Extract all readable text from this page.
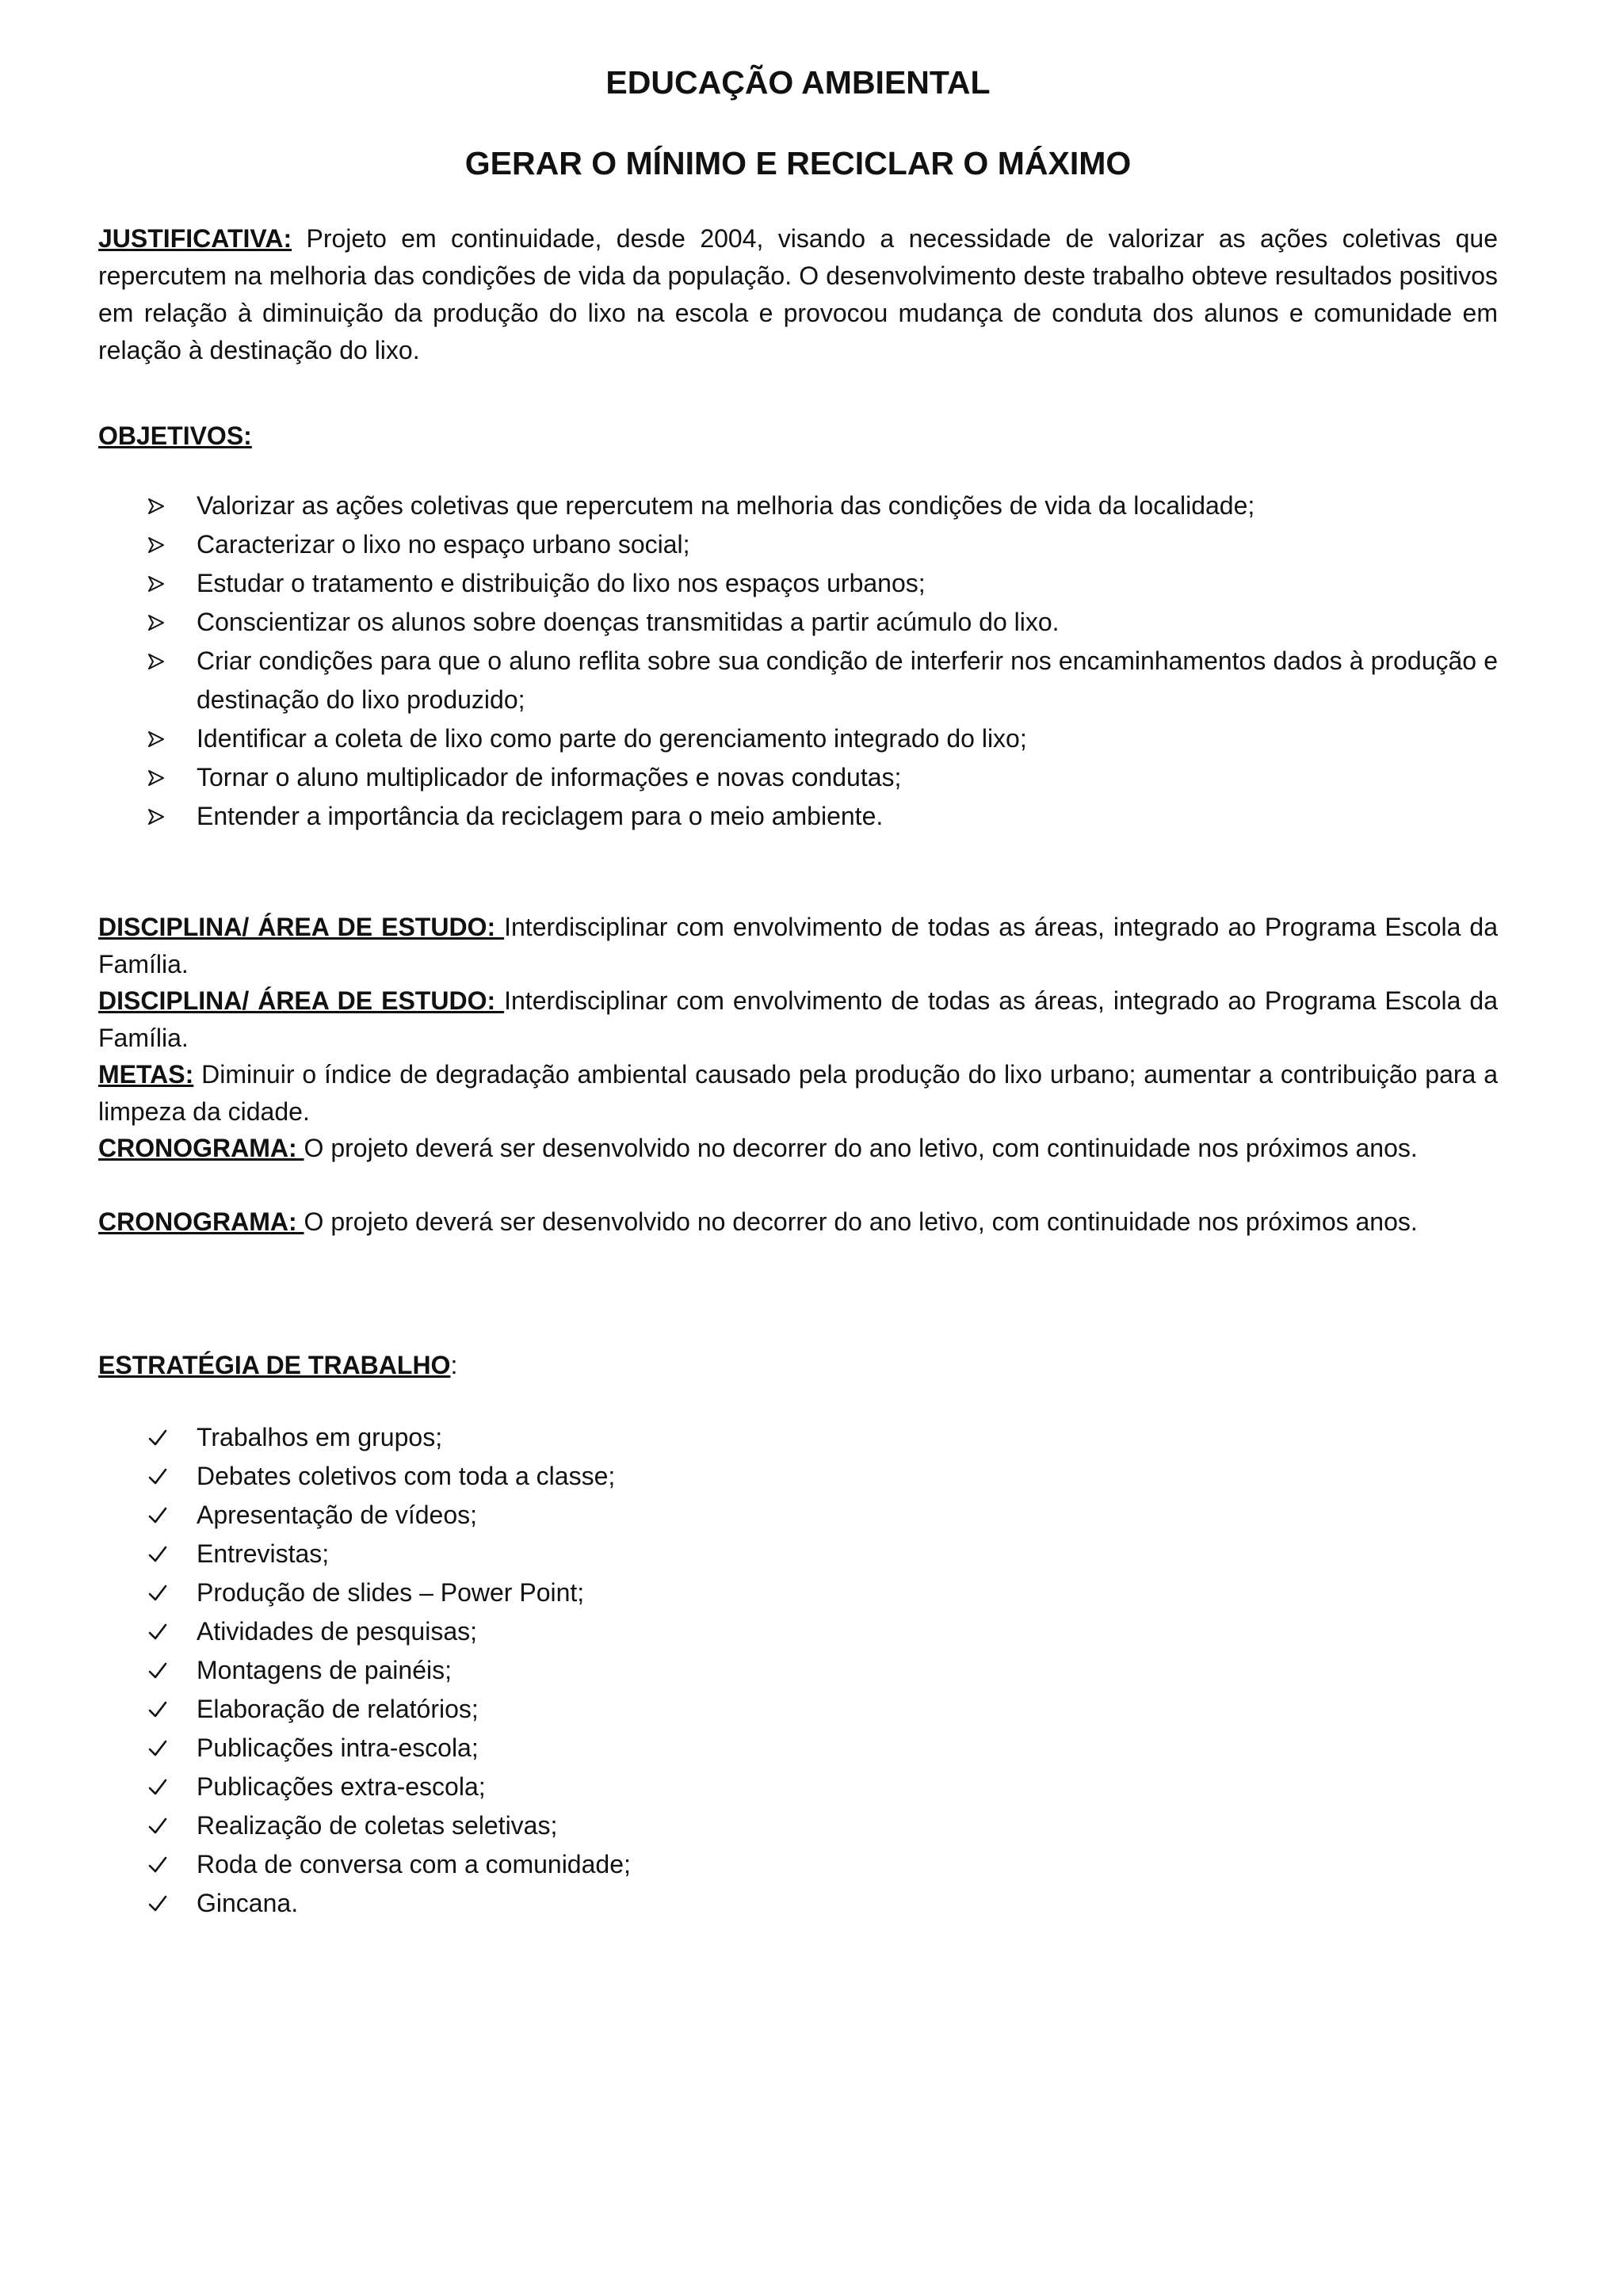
EDUCAÇÃO AMBIENTAL
GERAR O MÍNIMO E RECICLAR O MÁXIMO

JUSTIFICATIVA: Projeto em continuidade, desde 2004, visando a necessidade de valorizar as ações coletivas que repercutem na melhoria das condições de vida da população. O desenvolvimento deste trabalho obteve resultados positivos em relação à diminuição da produção do lixo na escola e provocou mudança de conduta dos alunos e comunidade em relação à destinação do lixo.

OBJETIVOS:

Valorizar as ações coletivas que repercutem na melhoria das condições de vida da localidade;
Caracterizar o lixo no espaço urbano social;
Estudar o tratamento e distribuição do lixo nos espaços urbanos;
Conscientizar os alunos sobre doenças transmitidas a partir acúmulo do lixo.
Criar condições para que o aluno reflita sobre sua condição de interferir nos encaminhamentos dados à produção e destinação do lixo produzido;
Identificar a coleta de lixo como parte do gerenciamento integrado do lixo;
Tornar o aluno multiplicador de informações e novas condutas;
Entender a importância da reciclagem para o meio ambiente.

DISCIPLINA/ ÁREA DE ESTUDO: Interdisciplinar com envolvimento de todas as áreas, integrado ao Programa Escola da Família.

DISCIPLINA/ ÁREA DE ESTUDO: Interdisciplinar com envolvimento de todas as áreas, integrado ao Programa Escola da Família.

METAS: Diminuir o índice de degradação ambiental causado pela produção do lixo urbano; aumentar a contribuição para a limpeza da cidade.

CRONOGRAMA: O projeto deverá ser desenvolvido no decorrer do ano letivo, com continuidade nos próximos anos.

CRONOGRAMA: O projeto deverá ser desenvolvido no decorrer do ano letivo, com continuidade nos próximos anos.

ESTRATÉGIA DE TRABALHO:

Trabalhos em grupos;
Debates coletivos com toda a classe;
Apresentação de vídeos;
Entrevistas;
Produção de slides – Power Point;
Atividades de pesquisas;
Montagens de painéis;
Elaboração de relatórios;
Publicações intra-escola;
Publicações extra-escola;
Realização de coletas seletivas;
Roda de conversa com a comunidade;
Gincana.
